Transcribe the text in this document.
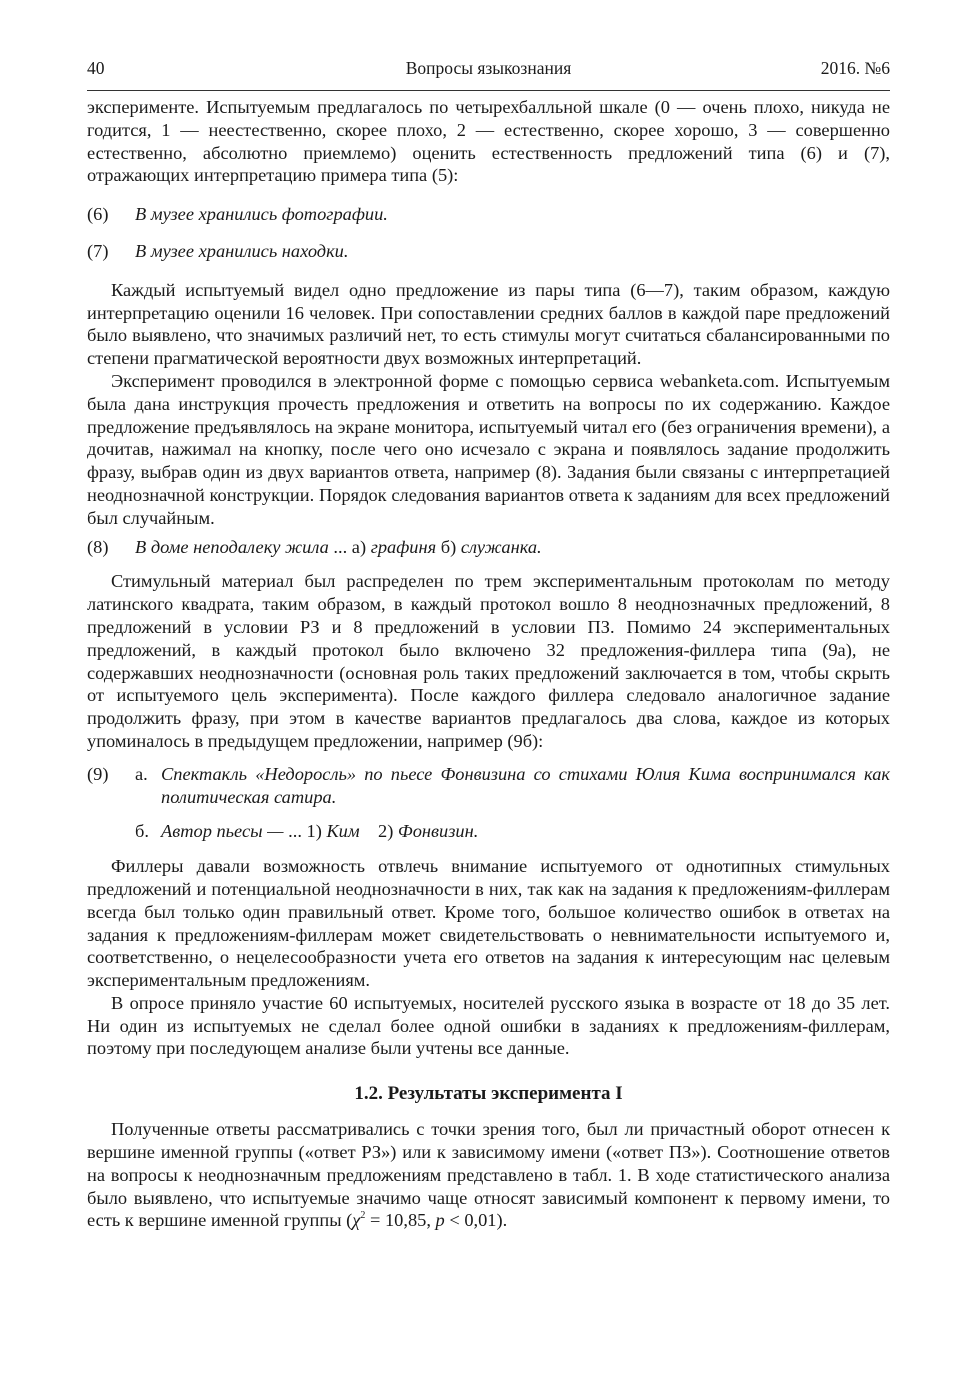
40	Вопросы языкознания	2016. №6

эксперименте. Испытуемым предлагалось по четырехбалльной шкале (0 — очень плохо, никуда не годится, 1 — неестественно, скорее плохо, 2 — естественно, скорее хорошо, 3 — совершенно естественно, абсолютно приемлемо) оценить естественность предложений типа (6) и (7), отражающих интерпретацию примера типа (5):

(6)	В музее хранились фотографии.
(7)	В музее хранились находки.

Каждый испытуемый видел одно предложение из пары типа (6—7), таким образом, каждую интерпретацию оценили 16 человек. При сопоставлении средних баллов в каждой паре предложений было выявлено, что значимых различий нет, то есть стимулы могут считаться сбалансированными по степени прагматической вероятности двух возможных интерпретаций.

Эксперимент проводился в электронной форме с помощью сервиса webanketa.com. Испытуемым была дана инструкция прочесть предложения и ответить на вопросы по их содержанию. Каждое предложение предъявлялось на экране монитора, испытуемый читал его (без ограничения времени), а дочитав, нажимал на кнопку, после чего оно исчезало с экрана и появлялось задание продолжить фразу, выбрав один из двух вариантов ответа, например (8). Задания были связаны с интерпретацией неоднозначной конструкции. Порядок следования вариантов ответа к заданиям для всех предложений был случайным.

(8)	В доме неподалеку жила ... а) графиня б) служанка.

Стимульный материал был распределен по трем экспериментальным протоколам по методу латинского квадрата, таким образом, в каждый протокол вошло 8 неоднозначных предложений, 8 предложений в условии РЗ и 8 предложений в условии ПЗ. Помимо 24 экспериментальных предложений, в каждый протокол было включено 32 предложения-филлера типа (9а), не содержавших неоднозначности (основная роль таких предложений заключается в том, чтобы скрыть от испытуемого цель эксперимента). После каждого филлера следовало аналогичное задание продолжить фразу, при этом в качестве вариантов предлагалось два слова, каждое из которых упоминалось в предыдущем предложении, например (9б):

(9)	а. Спектакль «Недоросль» по пьесе Фонвизина со стихами Юлия Кима воспринимался как политическая сатира.
б. Автор пьесы — ... 1) Ким    2) Фонвизин.

Филлеры давали возможность отвлечь внимание испытуемого от однотипных стимульных предложений и потенциальной неоднозначности в них, так как на задания к предложениям-филлерам всегда был только один правильный ответ. Кроме того, большое количество ошибок в ответах на задания к предложениям-филлерам может свидетельствовать о невнимательности испытуемого и, соответственно, о нецелесообразности учета его ответов на задания к интересующим нас целевым экспериментальным предложениям.

В опросе приняло участие 60 испытуемых, носителей русского языка в возрасте от 18 до 35 лет. Ни один из испытуемых не сделал более одной ошибки в заданиях к предложениям-филлерам, поэтому при последующем анализе были учтены все данные.

1.2. Результаты эксперимента I

Полученные ответы рассматривались с точки зрения того, был ли причастный оборот отнесен к вершине именной группы («ответ РЗ») или к зависимому имени («ответ ПЗ»). Соотношение ответов на вопросы к неоднозначным предложениям представлено в табл. 1. В ходе статистического анализа было выявлено, что испытуемые значимо чаще относят зависимый компонент к первому имени, то есть к вершине именной группы ($\chi^2 = 10,85$, p < 0,01).
